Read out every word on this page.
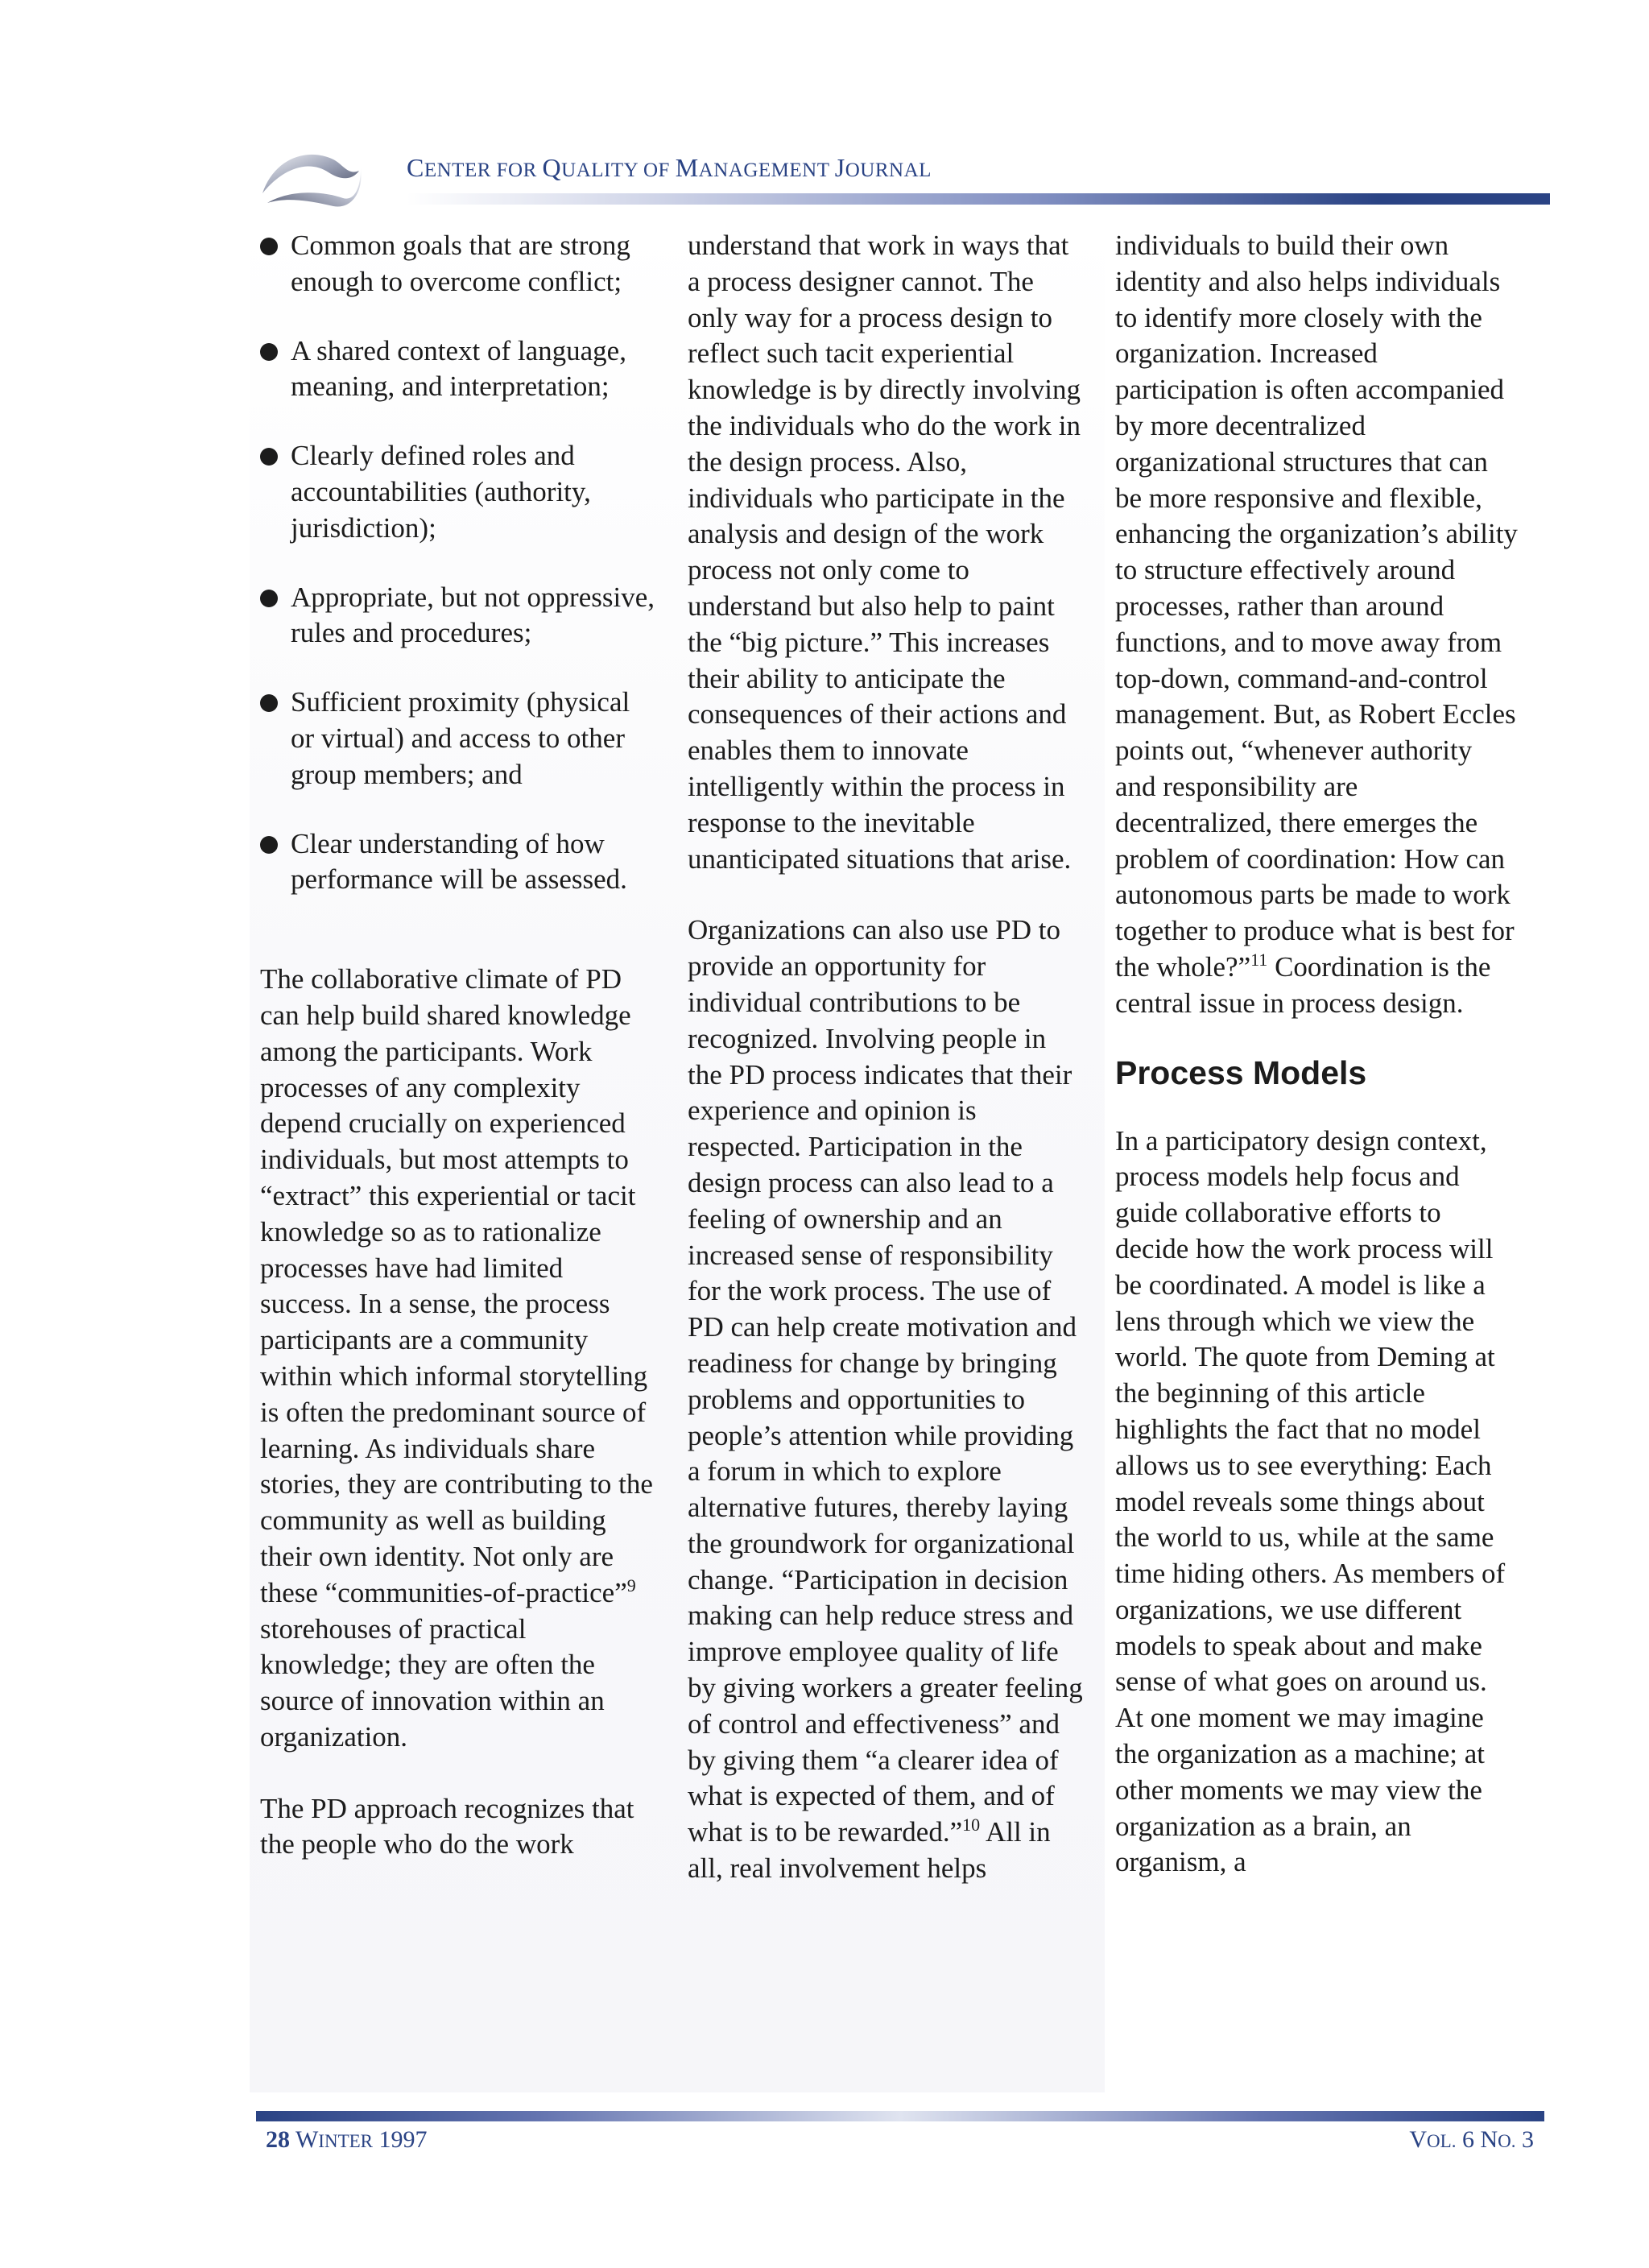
CENTER FOR QUALITY OF MANAGEMENT JOURNAL
Common goals that are strong enough to overcome conflict;
A shared context of language, meaning, and interpretation;
Clearly defined roles and accountabilities (authority, jurisdiction);
Appropriate, but not oppressive, rules and procedures;
Sufficient proximity (physical or virtual) and access to other group members; and
Clear understanding of how performance will be assessed.

The collaborative climate of PD can help build shared knowledge among the participants. Work processes of any complexity depend crucially on experienced individuals, but most attempts to “extract” this experiential or tacit knowledge so as to rationalize processes have had limited success. In a sense, the process participants are a community within which informal storytelling is often the predominant source of learning. As individuals share stories, they are contributing to the community as well as building their own identity. Not only are these “communities-of-practice”$^9$ storehouses of practical knowledge; they are often the source of innovation within an organization.

The PD approach recognizes that the people who do the work

understand that work in ways that a process designer cannot. The only way for a process design to reflect such tacit experiential knowledge is by directly involving the individuals who do the work in the design process. Also, individuals who participate in the analysis and design of the work process not only come to understand but also help to paint the “big picture.” This increases their ability to anticipate the consequences of their actions and enables them to innovate intelligently within the process in response to the inevitable unanticipated situations that arise.

Organizations can also use PD to provide an opportunity for individual contributions to be recognized. Involving people in the PD process indicates that their experience and opinion is respected. Participation in the design process can also lead to a feeling of ownership and an increased sense of responsibility for the work process. The use of PD can help create motivation and readiness for change by bringing problems and opportunities to people’s attention while providing a forum in which to explore alternative futures, thereby laying the groundwork for organizational change. “Participation in decision making can help reduce stress and improve employee quality of life by giving workers a greater feeling of control and effectiveness” and by giving them “a clearer idea of what is expected of them, and of what is to be rewarded.”$^{10}$ All in all, real involvement helps

individuals to build their own identity and also helps individuals to identify more closely with the organization. Increased participation is often accompanied by more decentralized organizational structures that can be more responsive and flexible, enhancing the organization’s ability to structure effectively around processes, rather than around functions, and to move away from top-down, command-and-control management. But, as Robert Eccles points out, “whenever authority and responsibility are decentralized, there emerges the problem of coordination: How can autonomous parts be made to work together to produce what is best for the whole?”$^{11}$ Coordination is the central issue in process design.

Process Models

In a participatory design context, process models help focus and guide collaborative efforts to decide how the work process will be coordinated. A model is like a lens through which we view the world. The quote from Deming at the beginning of this article highlights the fact that no model allows us to see everything: Each model reveals some things about the world to us, while at the same time hiding others. As members of organizations, we use different models to speak about and make sense of what goes on around us. At one moment we may imagine the organization as a machine; at other moments we may view the organization as a brain, an organism, a

28 WINTER 1997	VOL. 6 NO. 3
